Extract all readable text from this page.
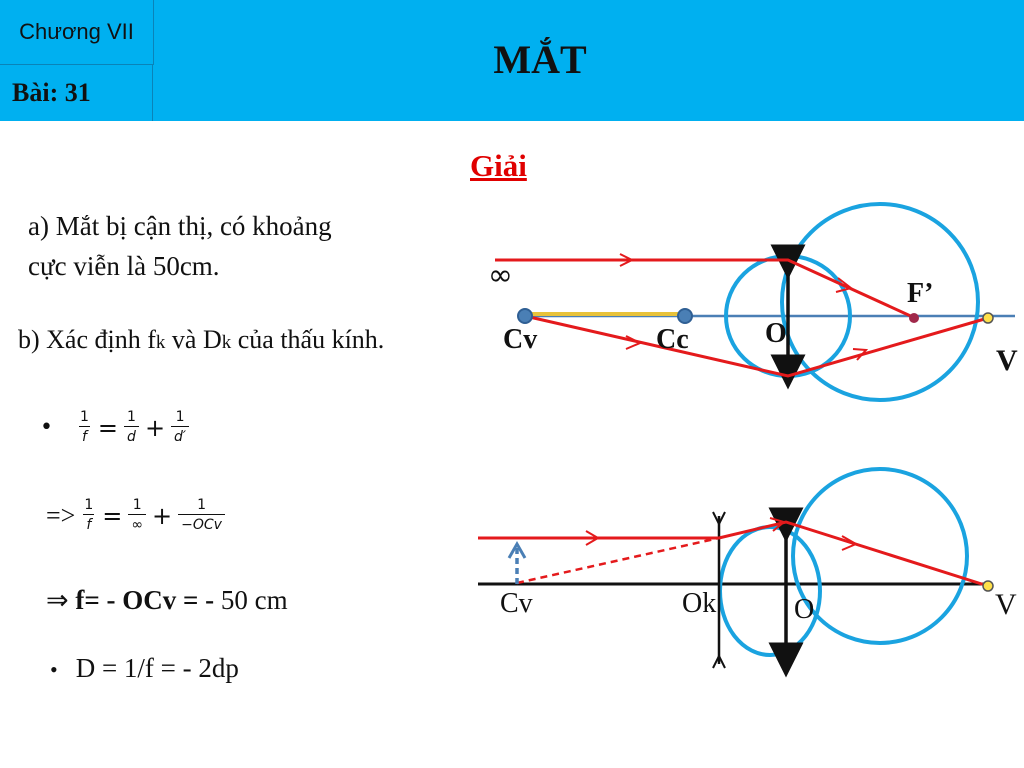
Chương VII
Bài: 31
MẮT
Giải
a) Mắt bị cận thị, có khoảng
cực viễn là 50cm.
b) Xác định fk và Dk của thấu kính.
• $\frac{1}{f} = \frac{1}{d} + \frac{1}{d'}$
=> $\frac{1}{f} = \frac{1}{\infty} + \frac{1}{\text{−OCv}}$
⇒ f= - OCv = - 50 cm
• D = 1/f = - 2dp
∞
Cv	Cc	O
F’
V
Cv	Ok	O	V
